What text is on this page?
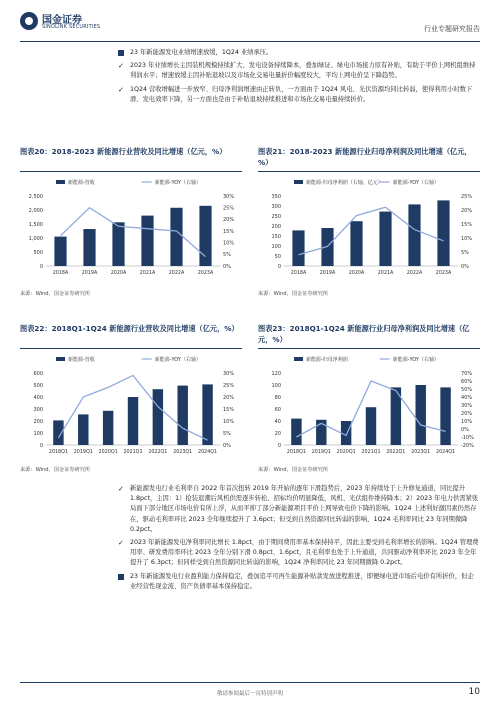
国金证券
SINOLINK SECURITIES	行业专题研究报告
23 年新能源发电业绩增速放缓，1Q24 业绩承压。
✓ 2023 年业绩增长主因装机规模持续扩大、发电设备持续降本，叠加绿证、绿电市场接力原有补贴，有助于平价上网机组维持利润水平；增速放缓主因补贴退坡以及市场化交易电量折价幅度较大，平均上网电价呈下降趋势。
✓ 1Q24 营收增幅进一步放窄、归母净利润增速由正转负，一方面由于 1Q24 风电、光伏资源均同比转弱，使得利用小时数下滑、发电效率下降，另一方面也是由于补贴退坡持续推进和市场化交易电量持续折价。
图表20：2018-2023 新能源行业营收及同比增速（亿元，%）
新能源-营收	新能源-YOY（右轴）
0
500
1,000
1,500
2,000
2,500
0%
5%
10%
15%
20%
25%
30%
2018A	2019A	2020A	2021A	2022A	2023A
来源：Wind，国金证券研究所
图表21：2018-2023 新能源行业归母净利润及同比增速（亿元，%）
新能源-归母净利润（右轴，亿元） 新能源-YOY（右轴）
0
50
100
150
200
250
300
350
0%
5%
10%
15%
20%
25%
2018A	2019A	2020A	2021A	2022A	2023A
来源：Wind，国金证券研究所
图表22：2018Q1-1Q24 新能源行业营收及同比增速（亿元，%）
新能源-营收	新能源-YOY（右轴）
0
100
200
300
400
500
600
0%
5%
10%
15%
20%
25%
30%
2018Q1 2019Q1 2020Q1 2021Q1 2022Q1 2023Q1 2024Q1
来源：Wind，国金证券研究所
图表23：2018Q1-1Q24 新能源行业归母净利润及同比增速（亿元，%）
新能源-归母净利润	新能源-YOY（右轴）
0
20
40
60
80
100
120
-20%
-10%
0%
10%
20%
30%
40%
50%
60%
70%
2018Q1 2019Q1 2020Q1 2021Q1 2022Q1 2023Q1 2024Q1
来源：Wind，国金证券研究所
✓ 新能源发电行业毛利率自 2022 年首次扭转 2019 年开始的逐年下滑趋势后，2023 年持续处于上升修复通道，同比提升 1.8pct，主因：1）抢装退潮后风机供需逐步转松、招标均价明显降低，风机、光伏组件维持降本；2）2023 年电力供需紧张局面下部分地区市场电价有所上浮，从而平抑了部分新能源项目平价上网导致电价下降的影响。1Q24 上述利好激因素仍然存在，驱动毛利率环比 2023 全年继续提升了 3.6pct；但受到自然资源同比转弱的影响，1Q24 毛利率同比 23 年同期微降 0.2pct。
✓ 2023 年新能源发电净利率同比增长 1.8pct，由于期间费用率基本保持持平，因此主要受到毛利率增长的影响。1Q24 管理费用率、研发费用率环比 2023 全年分别下滑 0.8pct、1.6pct，且毛利率也处于上升通道，共同驱动净利率环比 2023 年全年提升了 6.3pct；但同样受到自然资源同比转弱的影响，1Q24 净利率同比 23 年同期微降 0.2pct。
23 年新能源发电行业盈利能力保持稳定，叠加追平可再生能源补贴款发放进程推进，即便绿电进市场后电价有所折价，但企业经营性现金流、资产负债率基本保持稳定。
敬请参阅最后一页特别声明	10
